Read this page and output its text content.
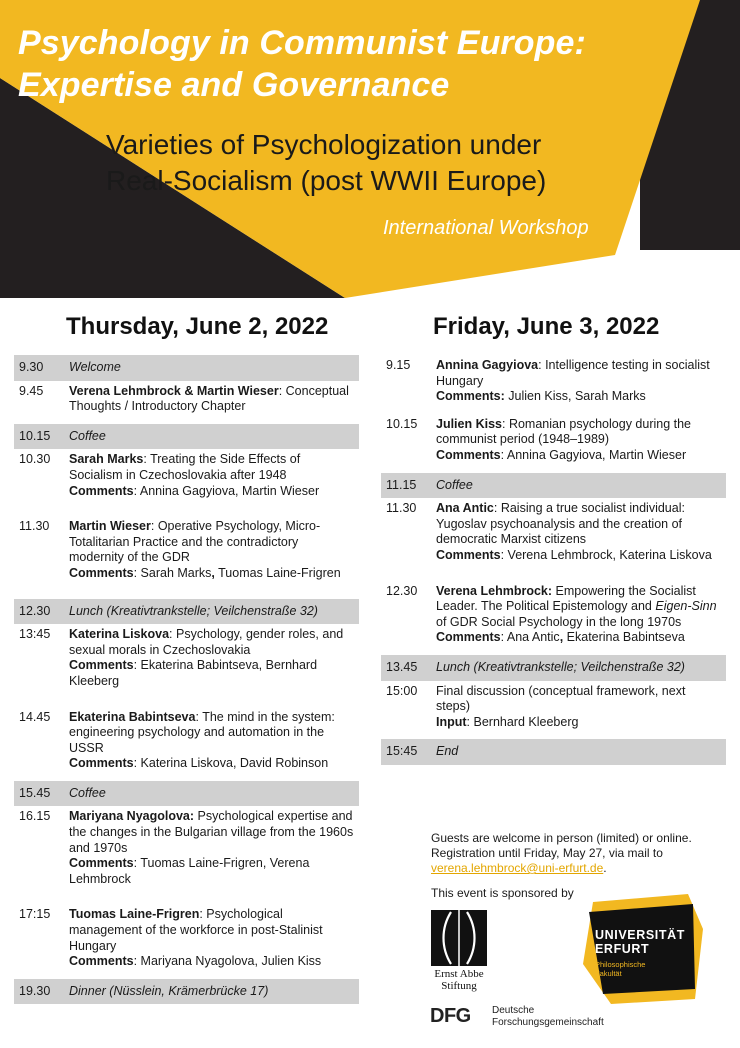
Psychology in Communist Europe:
Expertise and Governance
Varieties of Psychologization under
Real-Socialism (post WWII Europe)
International Workshop
Thursday, June 2, 2022	Friday, June 3, 2022
9.30	Welcome
9.45	Verena Lehmbrock & Martin Wieser: Conceptual Thoughts / Introductory Chapter
10.15	Coffee
10.30	Sarah Marks: Treating the Side Effects of Socialism in Czechoslovakia after 1948
Comments: Annina Gagyiova, Martin Wieser
11.30	Martin Wieser: Operative Psychology, Micro-Totalitarian Practice and the contradictory modernity of the GDR
Comments: Sarah Marks, Tuomas Laine-Frigren
12.30	Lunch (Kreativtrankstelle; Veilchenstraße 32)
13:45	Katerina Liskova: Psychology, gender roles, and sexual morals in Czechoslovakia
Comments: Ekaterina Babintseva, Bernhard Kleeberg
14.45	Ekaterina Babintseva: The mind in the system: engineering psychology and automation in the USSR
Comments: Katerina Liskova, David Robinson
15.45	Coffee
16.15	Mariyana Nyagolova: Psychological expertise and the changes in the Bulgarian village from the 1960s and 1970s
Comments: Tuomas Laine-Frigren, Verena Lehmbrock
17:15	Tuomas Laine-Frigren: Psychological management of the workforce in post-Stalinist Hungary
Comments: Mariyana Nyagolova, Julien Kiss
19.30	Dinner (Nüsslein, Krämerbrücke 17)
9.15	Annina Gagyiova: Intelligence testing in socialist Hungary
Comments: Julien Kiss, Sarah Marks
10.15	Julien Kiss: Romanian psychology during the communist period (1948–1989)
Comments: Annina Gagyiova, Martin Wieser
11.15	Coffee
11.30	Ana Antic: Raising a true socialist individual: Yugoslav psychoanalysis and the creation of democratic Marxist citizens
Comments: Verena Lehmbrock, Katerina Liskova
12.30	Verena Lehmbrock: Empowering the Socialist Leader. The Political Epistemology and Eigen-Sinn of GDR Social Psychology in the long 1970s
Comments: Ana Antic, Ekaterina Babintseva
13.45	Lunch (Kreativtrankstelle; Veilchenstraße 32)
15:00	Final discussion (conceptual framework, next steps)
Input: Bernhard Kleeberg
15:45	End
Guests are welcome in person (limited) or online.
Registration until Friday, May 27, via mail to
verena.lehmbrock@uni-erfurt.de.
This event is sponsored by
Ernst Abbe
Stiftung
UNIVERSITÄT
ERFURT
Philosophische
Fakultät
DFG	Deutsche
Forschungsgemeinschaft
